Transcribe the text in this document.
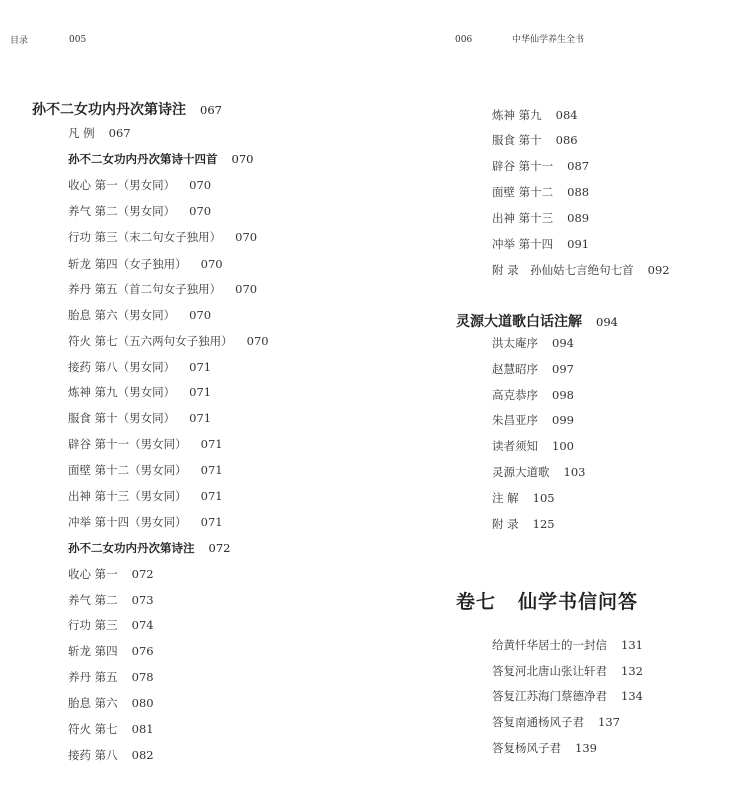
目录	005
孙不二女功内丹次第诗注 067
凡 例 067
孙不二女功内丹次第诗十四首 070
收心 第一（男女同） 070
养气 第二（男女同） 070
行功 第三（末二句女子独用） 070
斩龙 第四（女子独用） 070
养丹 第五（首二句女子独用） 070
胎息 第六（男女同） 070
符火 第七（五六两句女子独用） 070
接药 第八（男女同） 071
炼神 第九（男女同） 071
服食 第十（男女同） 071
辟谷 第十一（男女同） 071
面壁 第十二（男女同） 071
出神 第十三（男女同） 071
冲举 第十四（男女同） 071
孙不二女功内丹次第诗注 072
收心 第一 072
养气 第二 073
行功 第三 074
斩龙 第四 076
养丹 第五 078
胎息 第六 080
符火 第七 081
接药 第八 082
006	中华仙学养生全书
炼神 第九 084
服食 第十 086
辟谷 第十一 087
面壁 第十二 088
出神 第十三 089
冲举 第十四 091
附 录　孙仙姑七言绝句七首 092
灵源大道歌白话注解 094
洪太庵序 094
赵慧昭序 097
高克恭序 098
朱昌亚序 099
读者须知 100
灵源大道歌 103
注 解 105
附 录 125
卷七 仙学书信问答
给黄忏华居士的一封信 131
答复河北唐山张让轩君 132
答复江苏海门蔡德净君 134
答复南通杨风子君 137
答复杨风子君 139
